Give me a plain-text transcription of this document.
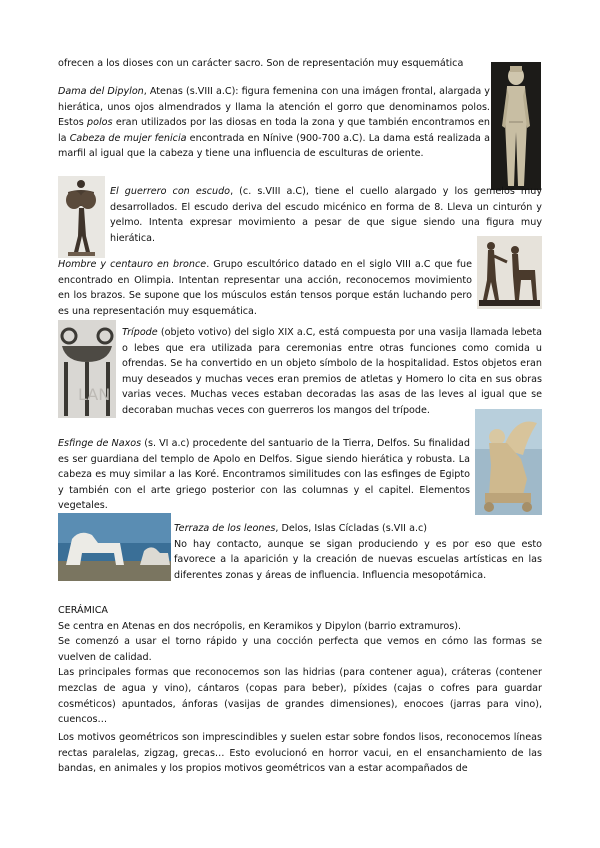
ofrecen a los dioses con un carácter sacro. Son de representación muy esquemática

Dama del Dipylon, Atenas (s.VIII a.C): figura femenina con una imágen frontal, alargada y hierática, unos ojos almendrados y llama la atención el gorro que denominamos polos. Estos polos eran utilizados por las diosas en toda la zona y que también encontramos en la Cabeza de mujer fenicia encontrada en Nínive (900-700 a.C). La dama está realizada a marfil al igual que la cabeza y tiene una influencia de esculturas de oriente.

El guerrero con escudo, (c. s.VIII a.C), tiene el cuello alargado y los gemelos muy desarrollados. El escudo deriva del escudo micénico en forma de 8. Lleva un cinturón y yelmo. Intenta expresar movimiento a pesar de que sigue siendo una figura muy hierática.

Hombre y centauro en bronce. Grupo escultórico datado en el siglo VIII a.C que fue encontrado en Olimpia. Intentan representar una acción, reconocemos movimiento en los brazos. Se supone que los músculos están tensos porque están luchando pero es una representación muy esquemática.

LAN

Trípode (objeto votivo) del siglo XIX a.C, está compuesta por una vasija llamada lebeta o lebes que era utilizada para ceremonias entre otras funciones como comida u ofrendas. Se ha convertido en un objeto símbolo de la hospitalidad. Estos objetos eran muy deseados y muchas veces eran premios de atletas y Homero lo cita en sus obras varias veces. Muchas veces estaban decoradas las asas de las leves al igual que se decoraban muchas veces con guerreros los mangos del trípode.

Esfinge de Naxos (s. VI a.c) procedente del santuario de la Tierra, Delfos. Su finalidad es ser guardiana del templo de Apolo en Delfos. Sigue siendo hierática y robusta. La cabeza es muy similar a las Koré. Encontramos similitudes con las esfinges de Egipto y también con el arte griego posterior con las columnas y el capitel. Elementos vegetales.

Terraza de los leones, Delos, Islas Cícladas (s.VII a.c)

No hay contacto, aunque se sigan produciendo y es por eso que esto favorece a la aparición y la creación de nuevas escuelas artísticas en las diferentes zonas y áreas de influencia. Influencia mesopotámica.

CERÁMICA

Se centra en Atenas en dos necrópolis, en Keramikos y Dipylon (barrio extramuros).

Se comenzó a usar el torno rápido y una cocción perfecta que vemos en cómo las formas se vuelven de calidad.

Las principales formas que reconocemos son las hidrias (para contener agua), cráteras (contener mezclas de agua y vino), cántaros (copas para beber), píxides (cajas o cofres para guardar cosméticos) apuntados, ánforas (vasijas de grandes dimensiones), enocoes (jarras para vino), cuencos…

Los motivos geométricos son imprescindibles y suelen estar sobre fondos lisos, reconocemos líneas rectas paralelas, zigzag, grecas… Esto evolucionó en horror vacui, en el ensanchamiento de las bandas, en animales y los propios motivos geométricos van a estar acompañados de
